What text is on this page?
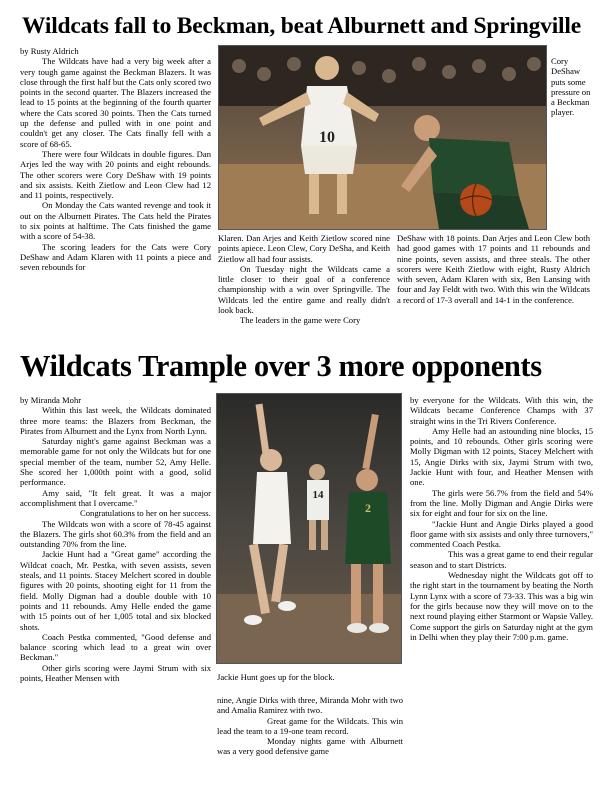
Wildcats fall to Beckman, beat Alburnett and Springville

by Rusty Aldrich

The Wildcats have had a very big week after a very tough game against the Beckman Blazers. It was close through the first half but the Cats only scored two points in the second quarter. The Blazers increased the lead to 15 points at the beginning of the fourth quarter where the Cats scored 30 points. Then the Cats turned up the defense and pulled with in one point and couldn't get any closer. The Cats finally fell with a score of 68-65.

There were four Wildcats in double figures. Dan Arjes led the way with 20 points and eight rebounds. The other scorers were Cory DeShaw with 19 points and six assists. Keith Zietlow and Leon Clew had 12 and 11 points, respectively.

On Monday the Cats wanted revenge and took it out on the Alburnett Pirates. The Cats held the Pirates to six points at halftime. The Cats finished the game with a score of 54-38.

The scoring leaders for the Cats were Cory DeShaw and Adam Klaren with 11 points a piece and seven rebounds for

10
Cory DeShaw puts some pressure on a Beckman player.

Klaren. Dan Arjes and Keith Zietlow scored nine points apiece. Leon Clew, Cory DeSha, and Keith Zietlow all had four assists.

On Tuesday night the Wildcats came a little closer to their goal of a conference championship with a win over Springville. The Wildcats led the entire game and really didn't look back.

The leaders in the game were Cory

DeShaw with 18 points. Dan Arjes and Leon Clew both had good games with 17 points and 11 rebounds and nine points, seven assists, and three steals. The other scorers were Keith Zietlow with eight, Rusty Aldrich with seven, Adam Klaren with six, Ben Lansing with four and Jay Feldt with two. With this win the Wildcats a record of 17-3 overall and 14-1 in the conference.

Wildcats Trample over 3 more opponents

by Miranda Mohr

Within this last week, the Wildcats dominated three more teams: the Blazers from Beckman, the Pirates from Alburnett and the Lynx from North Lynn.

Saturday night's game against Beckman was a memorable game for not only the Wildcats but for one special member of the team, number 52, Amy Helle. She scored her 1,000th point with a good, solid performance.

Amy said, "It felt great. It was a major accomplishment that I overcame."

Congratulations to her on her success.

The Wildcats won with a score of 78-45 against the Blazers. The girls shot 60.3% from the field and an outstanding 70% from the line.

Jackie Hunt had a "Great game" according the Wildcat coach, Mr. Pestka, with seven assists, seven steals, and 11 points. Stacey Melchert scored in double figures with 20 points, shooting eight for 11 from the field. Molly Digman had a double double with 10 points and 11 rebounds. Amy Helle ended the game with 15 points out of her 1,005 total and six blocked shots.

Coach Pestka commented, "Good defense and balance scoring which lead to a great win over Beckman."

Other girls scoring were Jaymi Strum with six points, Heather Mensen with

14
2
Jackie Hunt goes up for the block.

nine, Angie Dirks with three, Miranda Mohr with two and Amalia Ramirez with two.

Great game for the Wildcats. This win lead the team to a 19-one team record.

Monday nights game with Alburnett was a very good defensive game

by everyone for the Wildcats. With this win, the Wildcats became Conference Champs with 37 straight wins in the Tri Rivers Conference.

Amy Helle had an astounding nine blocks, 15 points, and 10 rebounds. Other girls scoring were Molly Digman with 12 points, Stacey Melchert with 15, Angie Dirks with six, Jaymi Strum with two, Jackie Hunt with four, and Heather Mensen with one.

The girls were 56.7% from the field and 54% from the line. Molly Digman and Angie Dirks were six for eight and four for six on the line.

"Jackie Hunt and Angie Dirks played a good floor game with six assists and only three turnovers," commented Coach Pestka.

This was a great game to end their regular season and to start Districts.

Wednesday night the Wildcats got off to the right start in the tournament by beating the North Lynn Lynx with a score of 73-33. This was a big win for the girls because now they will move on to the next round playing either Starmont or Wapsie Valley. Come support the girls on Saturday night at the gym in Delhi when they play their 7:00 p.m. game.
